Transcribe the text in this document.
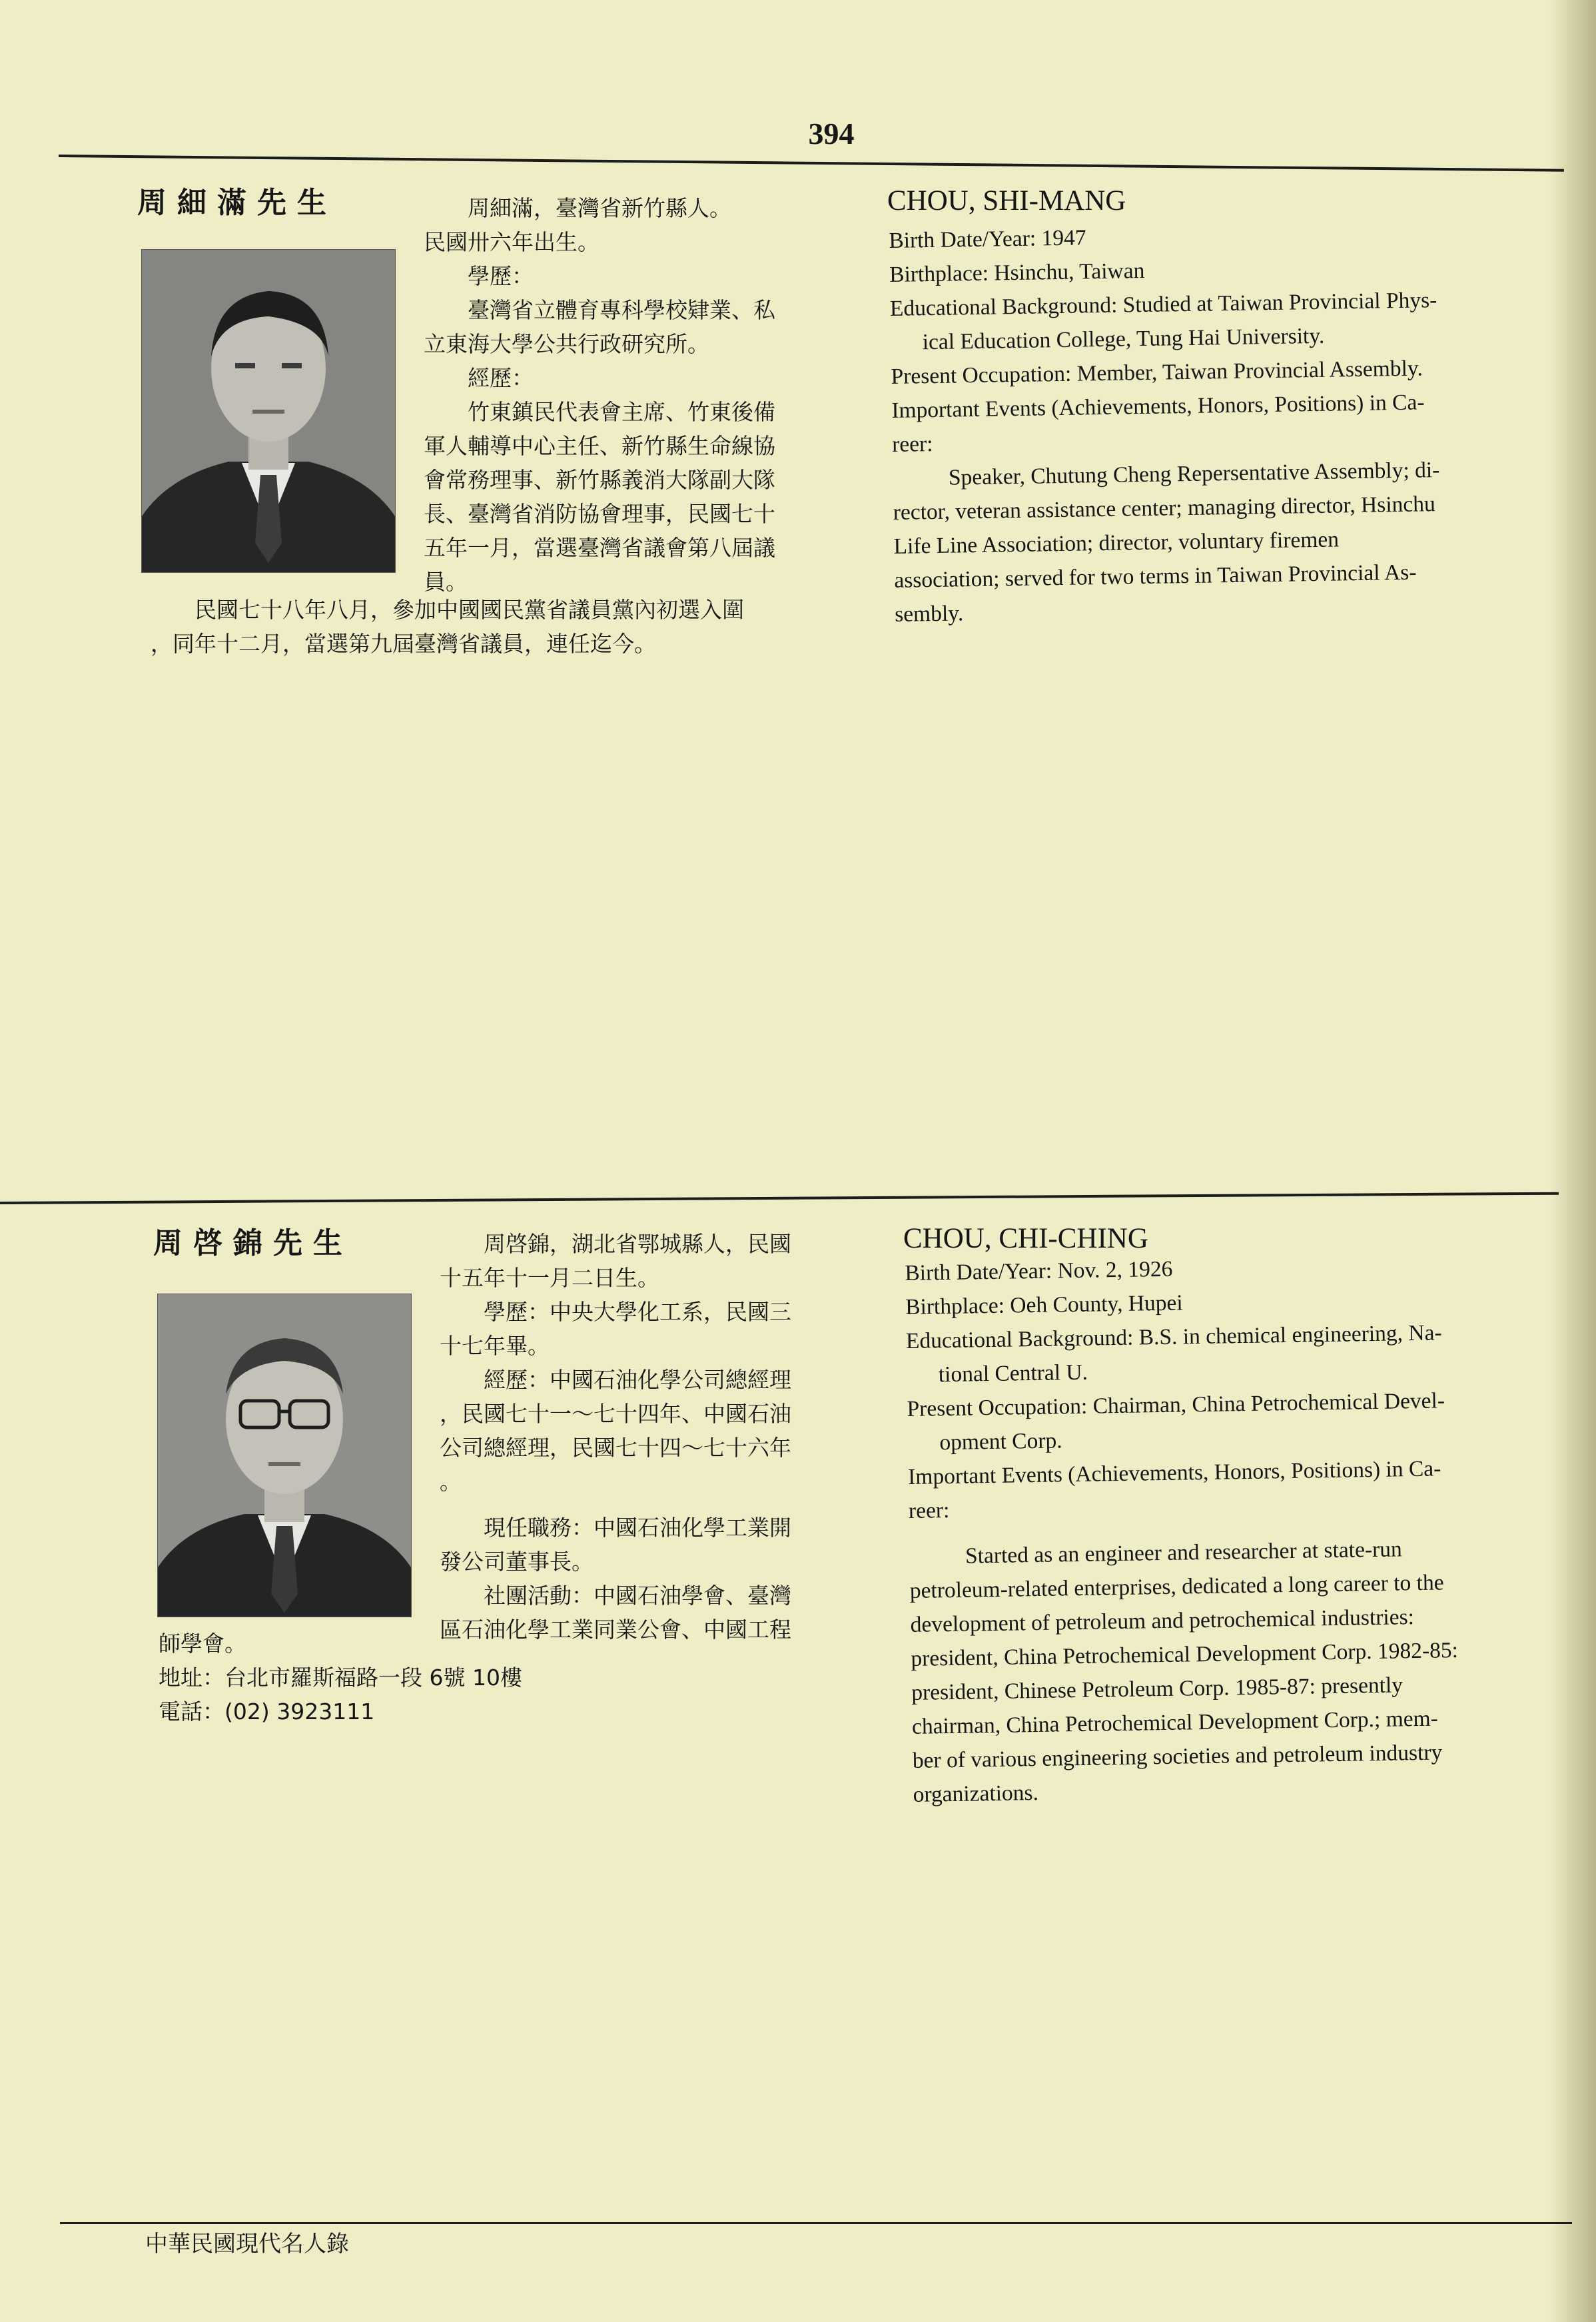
394
周細滿先生	周細滿，臺灣省新竹縣人。
民國卅六年出生。
學歷：
臺灣省立體育專科學校肄業、私
立東海大學公共行政研究所。
經歷：
竹東鎮民代表會主席、竹東後備
軍人輔導中心主任、新竹縣生命線協
會常務理事、新竹縣義消大隊副大隊
長、臺灣省消防協會理事，民國七十
五年一月，當選臺灣省議會第八屆議
員。
民國七十八年八月，參加中國國民黨省議員黨內初選入圍
，同年十二月，當選第九屆臺灣省議員，連任迄今。
CHOU, SHI-MANG
Birth Date/Year: 1947
Birthplace: Hsinchu, Taiwan
Educational Background: Studied at Taiwan Provincial Phys-
ical Education College, Tung Hai University.
Present Occupation: Member, Taiwan Provincial Assembly.
Important Events (Achievements, Honors, Positions) in Ca-
reer:
Speaker, Chutung Cheng Repersentative Assembly; di-
rector, veteran assistance center; managing director, Hsinchu
Life Line Association; director, voluntary firemen
association; served for two terms in Taiwan Provincial As-
sembly.
周啓錦先生	周啓錦，湖北省鄂城縣人，民國
十五年十一月二日生。
學歷：中央大學化工系，民國三
十七年畢。
經歷：中國石油化學公司總經理
，民國七十一～七十四年、中國石油
公司總經理，民國七十四～七十六年
。
現任職務：中國石油化學工業開
發公司董事長。
社團活動：中國石油學會、臺灣
區石油化學工業同業公會、中國工程
師學會。
地址：台北市羅斯福路一段 6號 10樓
電話：(02) 3923111
CHOU, CHI-CHING
Birth Date/Year: Nov. 2, 1926
Birthplace: Oeh County, Hupei
Educational Background: B.S. in chemical engineering, Na-
tional Central U.
Present Occupation: Chairman, China Petrochemical Devel-
opment Corp.
Important Events (Achievements, Honors, Positions) in Ca-
reer:
Started as an engineer and researcher at state-run
petroleum-related enterprises, dedicated a long career to the
development of petroleum and petrochemical industries:
president, China Petrochemical Development Corp. 1982-85:
president, Chinese Petroleum Corp. 1985-87: presently
chairman, China Petrochemical Development Corp.; mem-
ber of various engineering societies and petroleum industry
organizations.
中華民國現代名人錄
